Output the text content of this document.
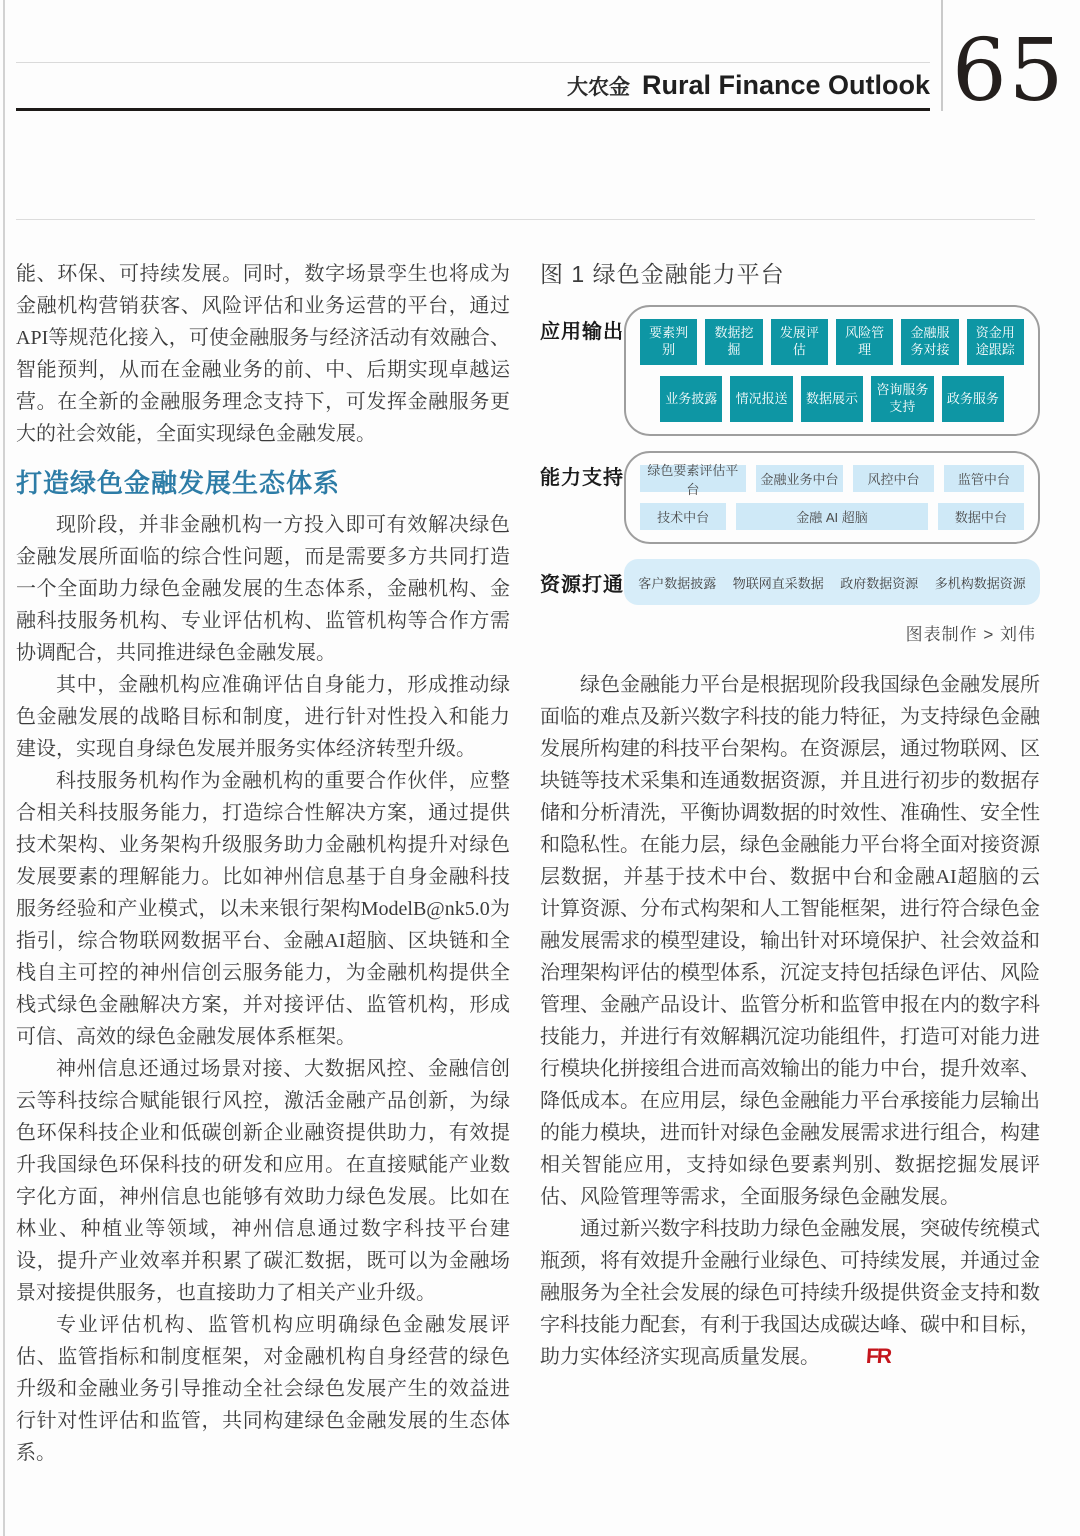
大农金 Rural Finance Outlook 65

能、环保、可持续发展。同时，数字场景孪生也将成为金融机构营销获客、风险评估和业务运营的平台，通过API等规范化接入，可使金融服务与经济活动有效融合、智能预判，从而在金融业务的前、中、后期实现卓越运营。在全新的金融服务理念支持下，可发挥金融服务更大的社会效能，全面实现绿色金融发展。

打造绿色金融发展生态体系

现阶段，并非金融机构一方投入即可有效解决绿色金融发展所面临的综合性问题，而是需要多方共同打造一个全面助力绿色金融发展的生态体系，金融机构、金融科技服务机构、专业评估机构、监管机构等合作方需协调配合，共同推进绿色金融发展。

其中，金融机构应准确评估自身能力，形成推动绿色金融发展的战略目标和制度，进行针对性投入和能力建设，实现自身绿色发展并服务实体经济转型升级。

科技服务机构作为金融机构的重要合作伙伴，应整合相关科技服务能力，打造综合性解决方案，通过提供技术架构、业务架构升级服务助力金融机构提升对绿色发展要素的理解能力。比如神州信息基于自身金融科技服务经验和产业模式，以未来银行架构ModelB@nk5.0为指引，综合物联网数据平台、金融AI超脑、区块链和全栈自主可控的神州信创云服务能力，为金融机构提供全栈式绿色金融解决方案，并对接评估、监管机构，形成可信、高效的绿色金融发展体系框架。

神州信息还通过场景对接、大数据风控、金融信创云等科技综合赋能银行风控，激活金融产品创新，为绿色环保科技企业和低碳创新企业融资提供助力，有效提升我国绿色环保科技的研发和应用。在直接赋能产业数字化方面，神州信息也能够有效助力绿色发展。比如在林业、种植业等领域，神州信息通过数字科技平台建设，提升产业效率并积累了碳汇数据，既可以为金融场景对接提供服务，也直接助力了相关产业升级。

专业评估机构、监管机构应明确绿色金融发展评估、监管指标和制度框架，对金融机构自身经营的绿色升级和金融业务引导推动全社会绿色发展产生的效益进行针对性评估和监管，共同构建绿色金融发展的生态体系。

图 1 绿色金融能力平台
应用输出	要素判别
数据挖掘
发展评估
风险管理
金融服务对接
资金用途跟踪
业务披露	情况报送	数据展示
咨询服务支持
政务服务
能力支持	绿色要素评估平台
金融业务中台	风控中台	监管中台
技术中台	金融 AI 超脑	数据中台
资源打通 客户数据披露 物联网直采数据 政府数据资源 多机构数据资源
图表制作 > 刘伟

绿色金融能力平台是根据现阶段我国绿色金融发展所面临的难点及新兴数字科技的能力特征，为支持绿色金融发展所构建的科技平台架构。在资源层，通过物联网、区块链等技术采集和连通数据资源，并且进行初步的数据存储和分析清洗，平衡协调数据的时效性、准确性、安全性和隐私性。在能力层，绿色金融能力平台将全面对接资源层数据，并基于技术中台、数据中台和金融AI超脑的云计算资源、分布式构架和人工智能框架，进行符合绿色金融发展需求的模型建设，输出针对环境保护、社会效益和治理架构评估的模型体系，沉淀支持包括绿色评估、风险管理、金融产品设计、监管分析和监管申报在内的数字科技能力，并进行有效解耦沉淀功能组件，打造可对能力进行模块化拼接组合进而高效输出的能力中台，提升效率、降低成本。在应用层，绿色金融能力平台承接能力层输出的能力模块，进而针对绿色金融发展需求进行组合，构建相关智能应用，支持如绿色要素判别、数据挖掘发展评估、风险管理等需求，全面服务绿色金融发展。

通过新兴数字科技助力绿色金融发展，突破传统模式瓶颈，将有效提升金融行业绿色、可持续发展，并通过金融服务为全社会发展的绿色可持续升级提供资金支持和数字科技能力配套，有利于我国达成碳达峰、碳中和目标，助力实体经济实现高质量发展。 FR
